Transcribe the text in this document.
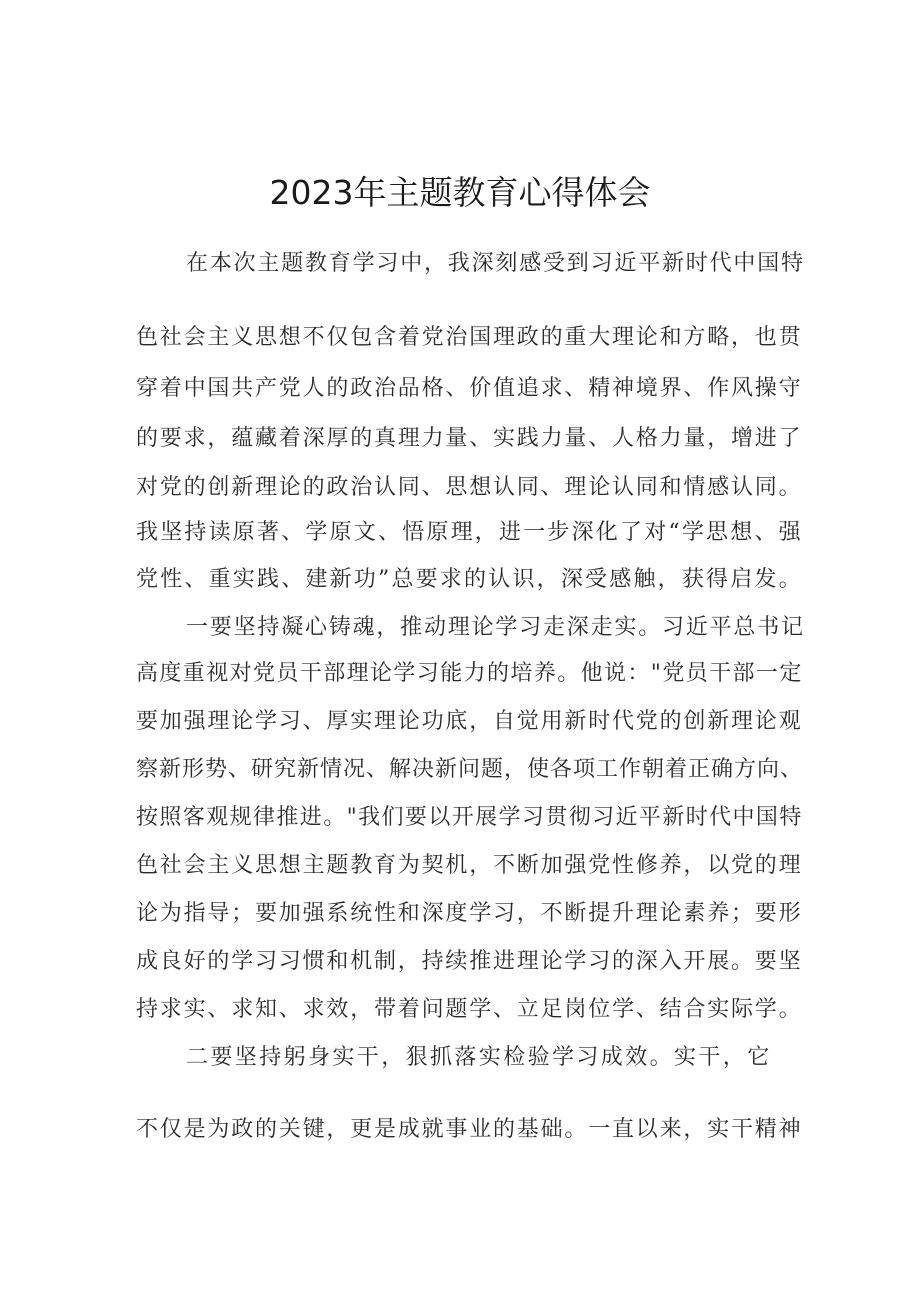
2023年主题教育心得体会
在本次主题教育学习中，我深刻感受到习近平新时代中国特
色社会主义思想不仅包含着党治国理政的重大理论和方略，也贯
穿着中国共产党人的政治品格、价值追求、精神境界、作风操守
的要求，蕴藏着深厚的真理力量、实践力量、人格力量，增进了
对党的创新理论的政治认同、思想认同、理论认同和情感认同。
我坚持读原著、学原文、悟原理，进一步深化了对“学思想、强
党性、重实践、建新功”总要求的认识，深受感触，获得启发。
一要坚持凝心铸魂，推动理论学习走深走实。习近平总书记
高度重视对党员干部理论学习能力的培养。他说："党员干部一定
要加强理论学习、厚实理论功底，自觉用新时代党的创新理论观
察新形势、研究新情况、解决新问题，使各项工作朝着正确方向、
按照客观规律推进。"我们要以开展学习贯彻习近平新时代中国特
色社会主义思想主题教育为契机，不断加强党性修养，以党的理
论为指导；要加强系统性和深度学习，不断提升理论素养；要形
成良好的学习习惯和机制，持续推进理论学习的深入开展。要坚
持求实、求知、求效，带着问题学、立足岗位学、结合实际学。
二要坚持躬身实干，狠抓落实检验学习成效。实干，它
不仅是为政的关键，更是成就事业的基础。一直以来，实干精神
